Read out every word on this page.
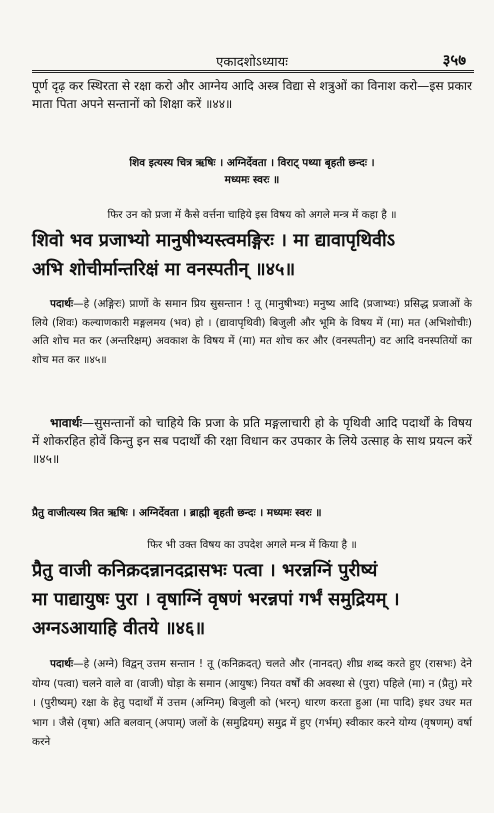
एकादशोऽध्यायः	३५७
पूर्ण दृढ़ कर स्थिरता से रक्षा करो और आग्नेय आदि अस्त्र विद्या से शत्रुओं का विनाश करो—इस प्रकार माता पिता अपने सन्तानों को शिक्षा करें ॥४४॥
शिव इत्यस्य चित्र ऋषिः । अग्निर्देवता । विराट् पथ्या बृहती छन्दः ।
मध्यमः स्वरः ॥
फिर उन को प्रजा में कैसे वर्त्तना चाहिये इस विषय को अगले मन्त्र में कहा है ॥
शिवो भव प्रजाभ्यो मानुषीभ्यस्त्वमङ्गिरः । मा द्यावापृथिवीऽ
अभि शोचीर्मान्तरिक्षं मा वनस्पतीन् ॥४५॥
पदार्थः—हे (अङ्गिरः) प्राणों के समान प्रिय सुसन्तान ! तू (मानुषीभ्यः) मनुष्य आदि (प्रजाभ्यः) प्रसिद्ध प्रजाओं के लिये (शिवः) कल्याणकारी मङ्गलमय (भव) हो । (द्यावापृथिवी) बिजुली और भूमि के विषय में (मा) मत (अभिशोचीः) अति शोच मत कर (अन्तरिक्षम्) अवकाश के विषय में (मा) मत शोच कर और (वनस्पतीन्) वट आदि वनस्पतियों का शोच मत कर ॥४५॥
भावार्थः—सुसन्तानों को चाहिये कि प्रजा के प्रति मङ्गलाचारी हो के पृथिवी आदि पदार्थों के विषय में शोकरहित होवें किन्तु इन सब पदार्थों की रक्षा विधान कर उपकार के लिये उत्साह के साथ प्रयत्न करें ॥४५॥
प्रैतु वाजीत्यस्य त्रित ऋषिः । अग्निर्देवता । ब्राह्मी बृहती छन्दः । मध्यमः स्वरः ॥
फिर भी उक्त विषय का उपदेश अगले मन्त्र में किया है ॥
प्रैतु वाजी कनिक्रदन्नानदद्रासभः पत्वा । भरन्नग्निं पुरीष्यं
मा पाद्यायुषः पुरा । वृषाग्निं वृषणं भरन्नपां गर्भं समुद्रियम् ।
अग्नऽआयाहि वीतये ॥४६॥
पदार्थः—हे (अग्ने) विद्वन् उत्तम सन्तान ! तू (कनिक्रदत्) चलते और (नानदत्) शीघ्र शब्द करते हुए (रासभः) देने योग्य (पत्वा) चलने वाले वा (वाजी) घोड़ा के समान (आयुषः) नियत वर्षों की अवस्था से (पुरा) पहिले (मा) न (प्रैतु) मरे । (पुरीष्यम्) रक्षा के हेतु पदार्थों में उत्तम (अग्निम्) बिजुली को (भरन्) धारण करता हुआ (मा पादि) इधर उधर मत भाग । जैसे (वृषा) अति बलवान् (अपाम्) जलों के (समुद्रियम्) समुद्र में हुए (गर्भम्) स्वीकार करने योग्य (वृषणम्) वर्षा करने
